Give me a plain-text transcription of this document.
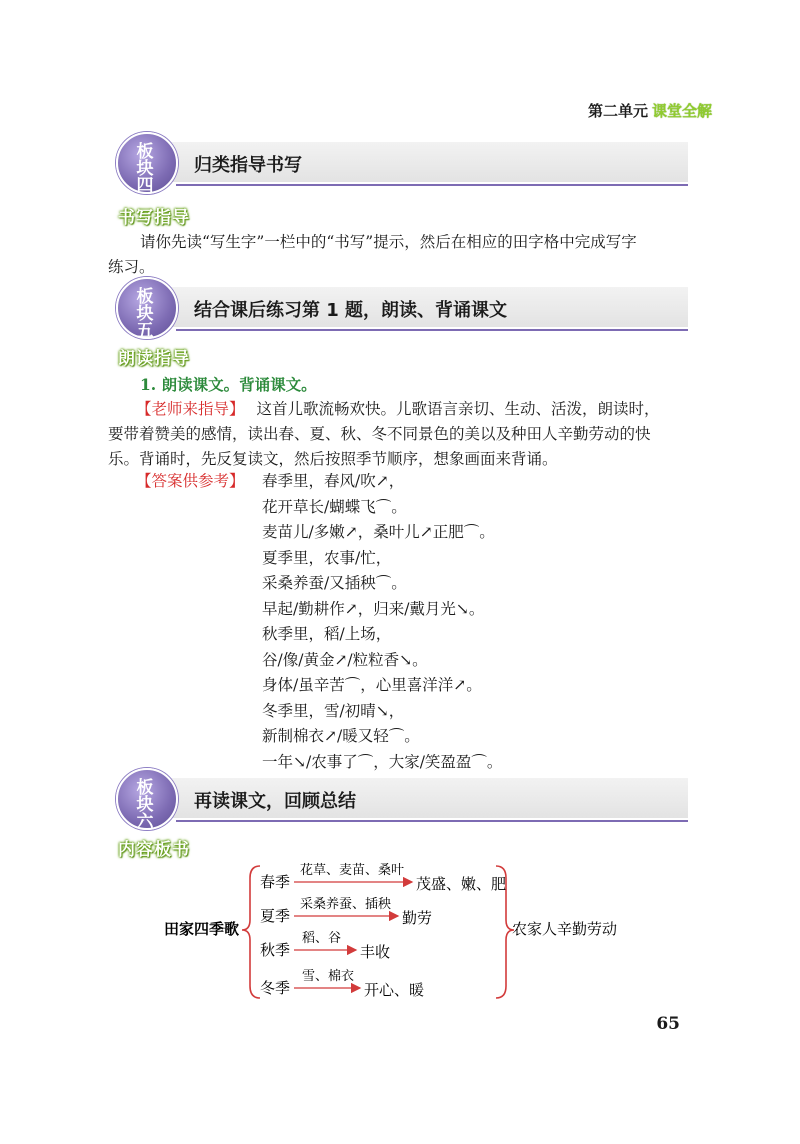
第二单元 课堂全解
板
块
四
归类指导书写
书写指导
请你先读“写生字”一栏中的“书写”提示，然后在相应的田字格中完成写字
练习。
板
块
五
结合课后练习第 1 题，朗读、背诵课文
朗读指导
1. 朗读课文。背诵课文。
【老师来指导】 这首儿歌流畅欢快。儿歌语言亲切、生动、活泼，朗读时，
要带着赞美的感情，读出春、夏、秋、冬不同景色的美以及种田人辛勤劳动的快
乐。背诵时，先反复读文，然后按照季节顺序，想象画面来背诵。
【答案供参考】 春季里，春风/吹↗，
花开草长/蝴蝶飞⌒。
麦苗儿/多嫩↗，桑叶儿↗正肥⌒。
夏季里，农事/忙，
采桑养蚕/又插秧⌒。
早起/勤耕作↗，归来/戴月光↘。
秋季里，稻/上场，
谷/像/黄金↗/粒粒香↘。
身体/虽辛苦⌒，心里喜洋洋↗。
冬季里，雪/初晴↘，
新制棉衣↗/暖又轻⌒。
一年↘/农事了⌒，大家/笑盈盈⌒。
板
块
六
再读课文，回顾总结
内容板书
田家四季歌	农家人辛勤劳动
春季
花草、麦苗、桑叶
茂盛、嫩、肥
夏季
采桑养蚕、插秧
勤劳
秋季
稻、谷
丰收
冬季
雪、棉衣
开心、暖
65
